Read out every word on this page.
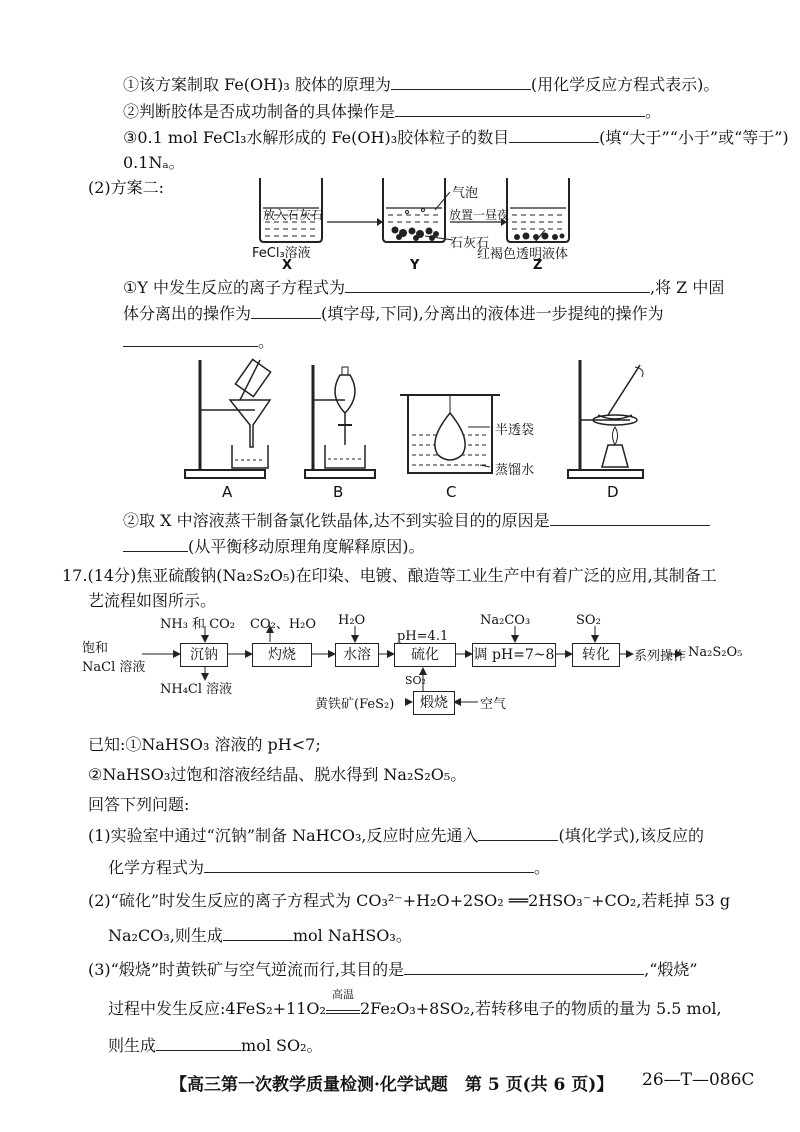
①该方案制取 Fe(OH)₃ 胶体的原理为	(用化学反应方程式表示)。
②判断胶体是否成功制备的具体操作是	。
③0.1 mol FeCl₃水解形成的 Fe(OH)₃胶体粒子的数目	(填“大于”“小于”或“等于”)
0.1Nₐ。
(2)方案二:
放入石灰石	放置一昼夜
气泡
石灰石
红褐色透明液体
FeCl₃溶液
X	Y	Z
①Y 中发生反应的离子方程式为	,将 Z 中固
体分离出的操作为	(填字母,下同),分离出的液体进一步提纯的操作为
。
A	B	C	D
半透袋
蒸馏水
②取 X 中溶液蒸干制备氯化铁晶体,达不到实验目的的原因是
(从平衡移动原理角度解释原因)。
17.(14分)焦亚硫酸钠(Na₂S₂O₅)在印染、电镀、酿造等工业生产中有着广泛的应用,其制备工
艺流程如图所示。
饱和
NaCl 溶液
沉钠	灼烧	水溶	硫化	调 pH=7~8	转化	系列操作 Na₂S₂O₅
NH₃ 和 CO₂
NH₄Cl 溶液
CO₂、H₂O H₂O
pH=4.1
Na₂CO₃	SO₂
SO₂
煅烧
黄铁矿(FeS₂)	空气
已知:①NaHSO₃ 溶液的 pH<7;
②NaHSO₃过饱和溶液经结晶、脱水得到 Na₂S₂O₅。
回答下列问题:
(1)实验室中通过“沉钠”制备 NaHCO₃,反应时应先通入	(填化学式),该反应的
化学方程式为	。
(2)“硫化”时发生反应的离子方程式为 CO₃²⁻+H₂O+2SO₂ ══2HSO₃⁻+CO₂,若耗掉 53 g
Na₂CO₃,则生成	mol NaHSO₃。
(3)“煅烧”时黄铁矿与空气逆流而行,其目的是	,“煅烧”
过程中发生反应:4FeS₂+11O₂
高温
2Fe₂O₃+8SO₂,若转移电子的物质的量为 5.5 mol,
则生成	mol SO₂。
【高三第一次教学质量检测·化学试题　第 5 页(共 6 页)】 26—T—086C
